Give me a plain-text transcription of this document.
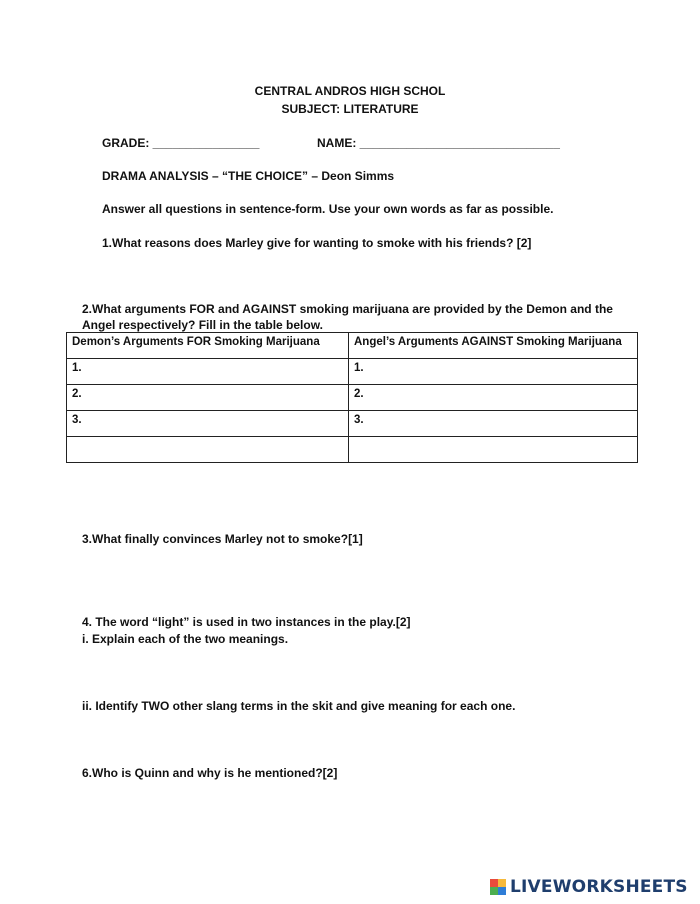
CENTRAL ANDROS HIGH SCHOL
SUBJECT: LITERATURE
GRADE: ________________	NAME: ______________________________
DRAMA ANALYSIS – “THE CHOICE” – Deon Simms
Answer all questions in sentence-form. Use your own words as far as possible.
1.What reasons does Marley give for wanting to smoke with his friends? [2]
2.What arguments FOR and AGAINST smoking marijuana are provided by the Demon and the
Angel respectively? Fill in the table below.
Demon’s Arguments FOR Smoking Marijuana	Angel’s Arguments AGAINST Smoking Marijuana
1.	1.
2.	2.
3.	3.

3.What finally convinces Marley not to smoke?[1]
4. The word “light” is used in two instances in the play.[2]
i. Explain each of the two meanings.
ii. Identify TWO other slang terms in the skit and give meaning for each one.
6.Who is Quinn and why is he mentioned?[2]
LIVEWORKSHEETS
